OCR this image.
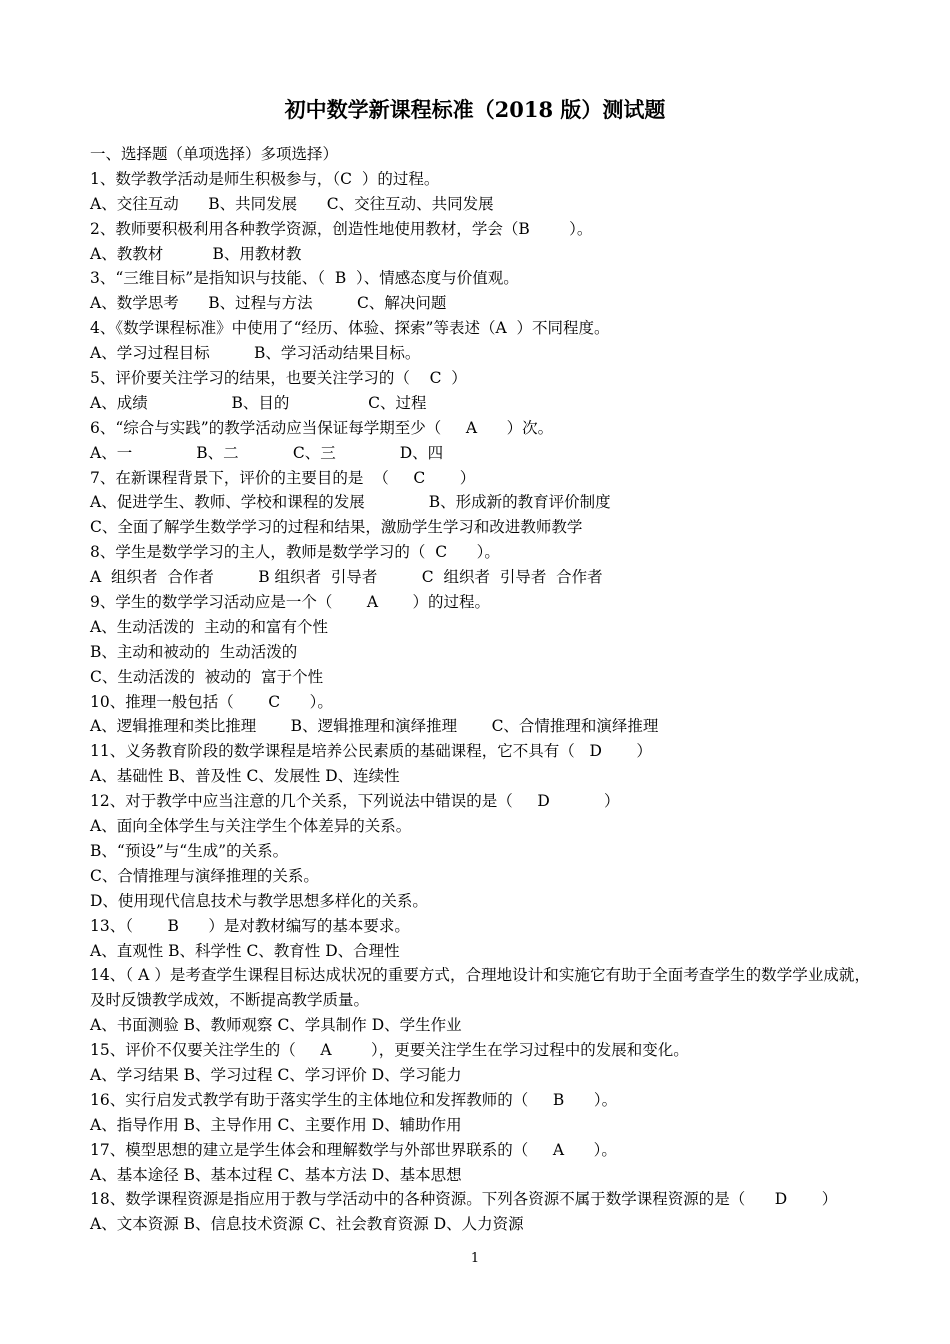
初中数学新课程标准（2018 版）测试题
一、选择题（单项选择）多项选择）
1、数学教学活动是师生积极参与，（C  ）的过程。
A、交往互动      B、共同发展      C、交往互动、共同发展
2、教师要积极利用各种教学资源，创造性地使用教材，学会（B        ）。
A、教教材          B、用教材教
3、“三维目标”是指知识与技能、（  B  ）、情感态度与价值观。
A、数学思考      B、过程与方法         C、解决问题
4、《数学课程标准》中使用了“经历、体验、探索”等表述（A  ）不同程度。
A、学习过程目标         B、学习活动结果目标。
5、评价要关注学习的结果，也要关注学习的（    C  ）
A、成绩                 B、目的                C、过程
6、“综合与实践”的教学活动应当保证每学期至少（     A      ）次。
A、一             B、二           C、三             D、四
7、在新课程背景下，评价的主要目的是  （     C       ）
A、促进学生、教师、学校和课程的发展             B、形成新的教育评价制度
C、全面了解学生数学学习的过程和结果，激励学生学习和改进教师教学
8、学生是数学学习的主人，教师是数学学习的（  C      ）。
A  组织者  合作者         B 组织者  引导者         C  组织者  引导者  合作者
9、学生的数学学习活动应是一个（       A       ）的过程。
A、生动活泼的  主动的和富有个性
B、主动和被动的  生动活泼的
C、生动活泼的  被动的  富于个性
10、推理一般包括（       C      ）。
A、逻辑推理和类比推理       B、逻辑推理和演绎推理       C、合情推理和演绎推理
11、义务教育阶段的数学课程是培养公民素质的基础课程，它不具有（   D       ）
A、基础性 B、普及性 C、发展性 D、连续性
12、对于教学中应当注意的几个关系，下列说法中错误的是（     D           ）
A、面向全体学生与关注学生个体差异的关系。
B、“预设”与“生成”的关系。
C、合情推理与演绎推理的关系。
D、使用现代信息技术与教学思想多样化的关系。
13、（       B      ）是对教材编写的基本要求。
A、直观性 B、科学性 C、教育性 D、合理性
14、（ A ）是考查学生课程目标达成状况的重要方式，合理地设计和实施它有助于全面考查学生的数学学业成就，及时反馈教学成效，不断提高教学质量。
A、书面测验 B、教师观察 C、学具制作 D、学生作业
15、评价不仅要关注学生的（     A        ），更要关注学生在学习过程中的发展和变化。
A、学习结果 B、学习过程 C、学习评价 D、学习能力
16、实行启发式教学有助于落实学生的主体地位和发挥教师的（     B      ）。
A、指导作用 B、主导作用 C、主要作用 D、辅助作用
17、模型思想的建立是学生体会和理解数学与外部世界联系的（     A      ）。
A、基本途径 B、基本过程 C、基本方法 D、基本思想
18、数学课程资源是指应用于教与学活动中的各种资源。下列各资源不属于数学课程资源的是（      D       ）
A、文本资源 B、信息技术资源 C、社会教育资源 D、人力资源
1
